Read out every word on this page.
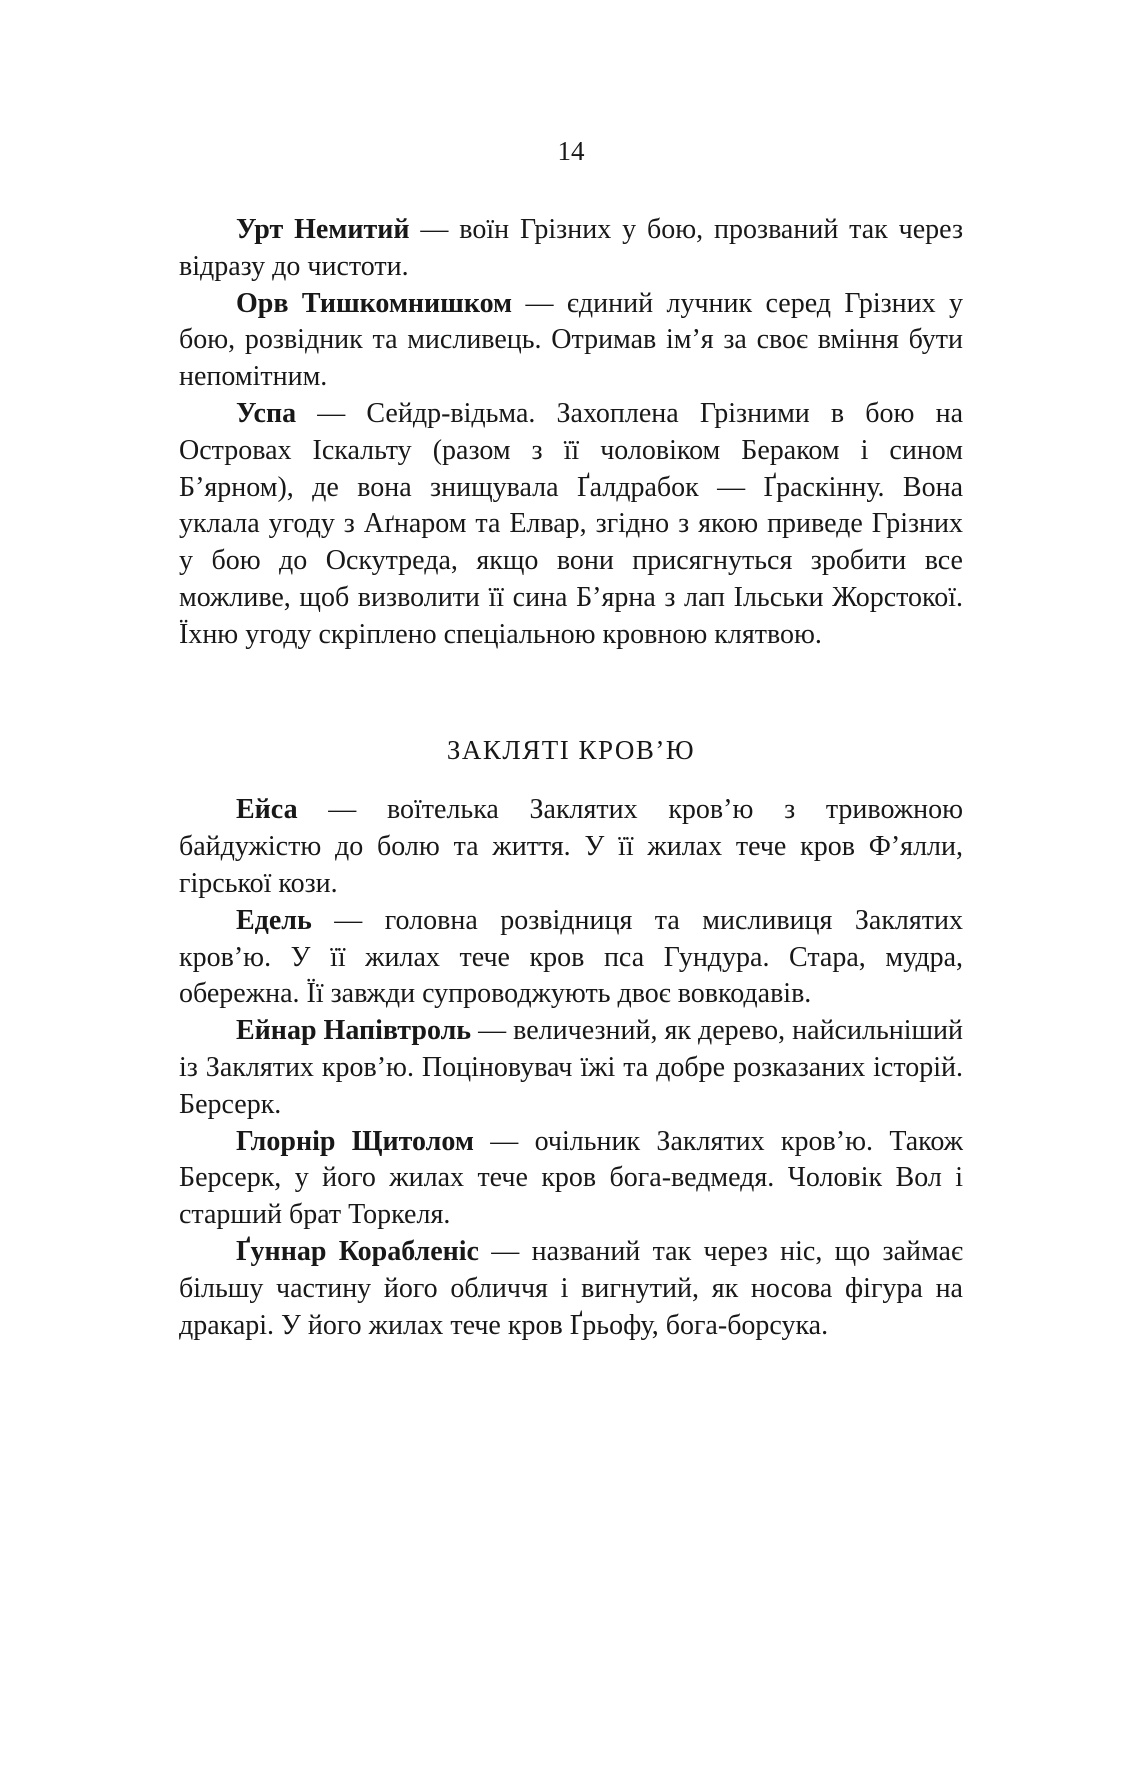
14

Урт Немитий — воїн Грізних у бою, прозваний так через відразу до чистоти.

Орв Тишкомнишком — єдиний лучник серед Грізних у бою, розвідник та мисливець. Отримав ім’я за своє вміння бути непомітним.

Успа — Сейдр-відьма. Захоплена Грізними в бою на Островах Іскальту (разом з її чоловіком Бераком і сином Б’ярном), де вона знищувала Ґалдрабок — Ґраскінну. Вона уклала угоду з Аґнаром та Елвар, згідно з якою приведе Грізних у бою до Оскутреда, якщо вони присягнуться зробити все можливе, щоб визволити її сина Б’ярна з лап Ільськи Жорстокої. Їхню угоду скріплено спеціальною кровною клятвою.

ЗАКЛЯТІ КРОВ’Ю

Ейса — воїтелька Заклятих кров’ю з тривожною байдужістю до болю та життя. У її жилах тече кров Ф’ялли, гірської кози.

Едель — головна розвідниця та мисливиця Заклятих кров’ю. У її жилах тече кров пса Гундура. Стара, мудра, обережна. Її завжди супроводжують двоє вовкодавів.

Ейнар Напівтроль — величезний, як дерево, найсильніший із Заклятих кров’ю. Поціновувач їжі та добре розказаних історій. Берсерк.

Глорнір Щитолом — очільник Заклятих кров’ю. Також Берсерк, у його жилах тече кров бога-ведмедя. Чоловік Вол і старший брат Торкеля.

Ґуннар Корабленіс — названий так через ніс, що займає більшу частину його обличчя і вигнутий, як носова фігура на дракарі. У його жилах тече кров Ґрьофу, бога-борсука.
